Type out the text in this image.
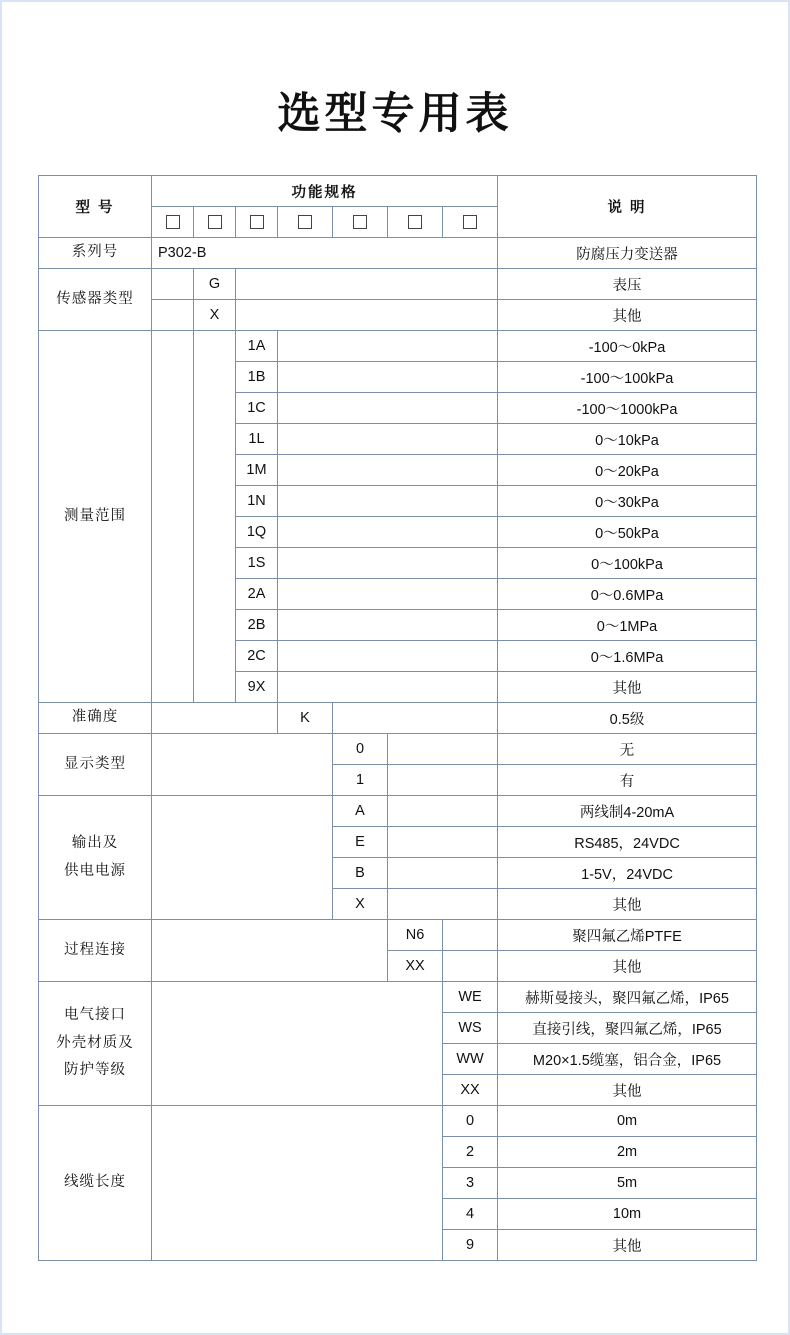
选型专用表
型 号	功能规格							说 明

系列号	P302-B							防腐压力变送器
传感器类型		G						表压
		X						其他
测量范围			1A					-100～0kPa
			1B					-100～100kPa
			1C					-100～1000kPa
			1L					0～10kPa
			1M					0～20kPa
			1N					0～30kPa
			1Q					0～50kPa
			1S					0～100kPa
			2A					0～0.6MPa
			2B					0～1MPa
			2C					0～1.6MPa
			9X					其他
准确度				K				0.5级
显示类型					0			无
					1			有
输出及
供电电源					A			两线制4-20mA
					E			RS485，24VDC
					B			1-5V，24VDC
					X			其他
过程连接						N6		聚四氟乙烯PTFE
						XX		其他
电气接口
外壳材质及
防护等级							WE	赫斯曼接头，聚四氟乙烯，IP65
							WS	直接引线，聚四氟乙烯，IP65
							WW	M20×1.5缆塞，铝合金，IP65
							XX	其他
线缆长度							0	0m
							2	2m
							3	5m
							4	10m
							9	其他
